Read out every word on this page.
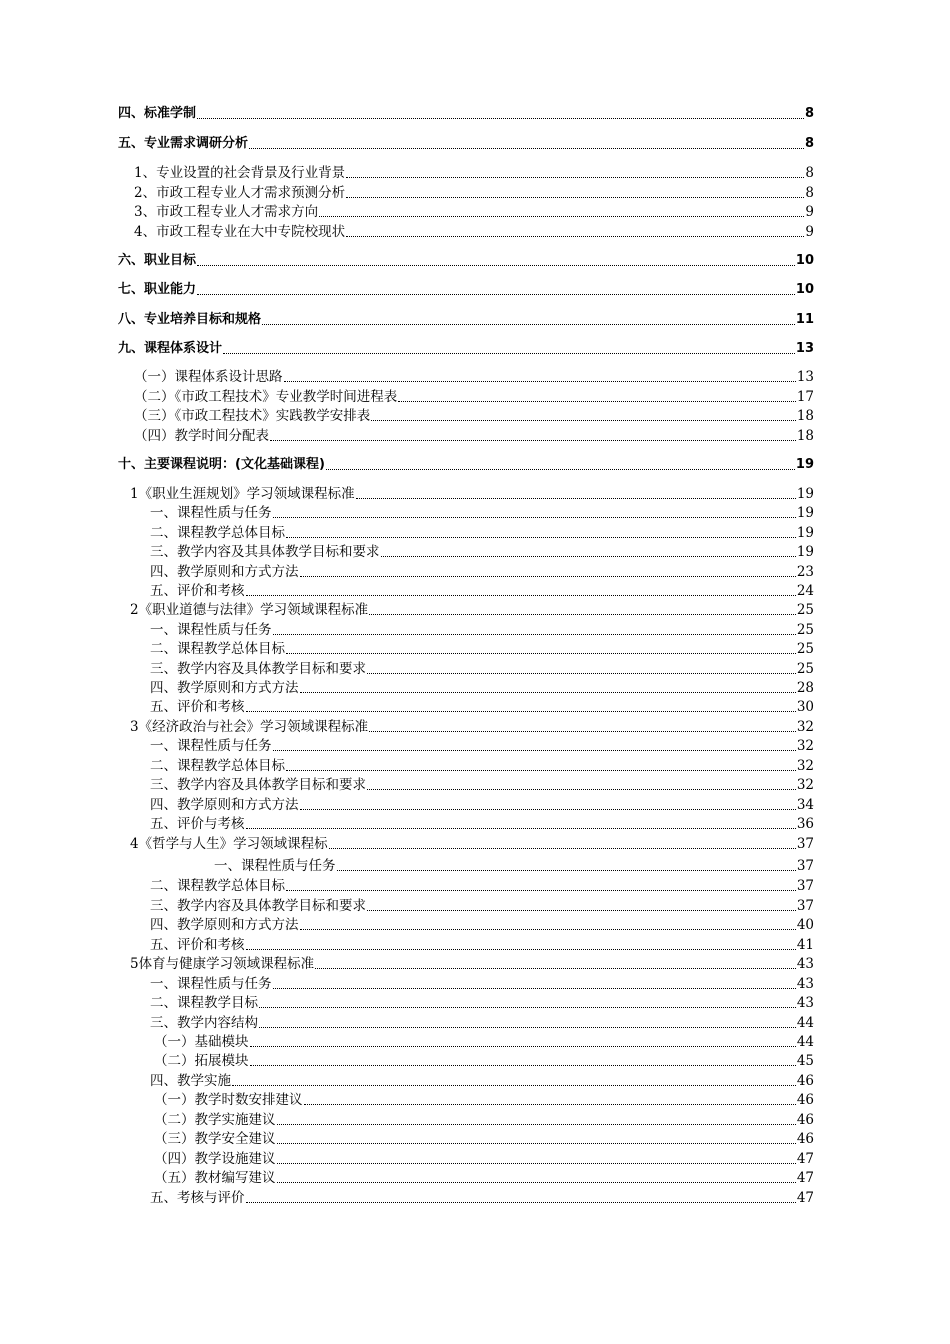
四、标准学制	8
五、专业需求调研分析	8
1、专业设置的社会背景及行业背景	8
2、市政工程专业人才需求预测分析	8
3、市政工程专业人才需求方向	9
4、市政工程专业在大中专院校现状	9
六、职业目标	10
七、职业能力	10
八、专业培养目标和规格	11
九、课程体系设计	13
（一）课程体系设计思路	13
（二）《市政工程技术》专业教学时间进程表	17
（三）《市政工程技术》实践教学安排表	18
（四）教学时间分配表	18
十、主要课程说明：(文化基础课程)	19
1《职业生涯规划》学习领域课程标准	19
一、课程性质与任务	19
二、课程教学总体目标	19
三、教学内容及其具体教学目标和要求	19
四、教学原则和方式方法	23
五、评价和考核	24
2《职业道德与法律》学习领域课程标准	25
一、课程性质与任务	25
二、课程教学总体目标	25
三、教学内容及具体教学目标和要求	25
四、教学原则和方式方法	28
五、评价和考核	30
3《经济政治与社会》学习领域课程标准	32
一、课程性质与任务	32
二、课程教学总体目标	32
三、教学内容及具体教学目标和要求	32
四、教学原则和方式方法	34
五、评价与考核	36
4《哲学与人生》学习领域课程标	37
一、课程性质与任务	37
二、课程教学总体目标	37
三、教学内容及具体教学目标和要求	37
四、教学原则和方式方法	40
五、评价和考核	41
5体育与健康学习领域课程标准	43
一、课程性质与任务	43
二、课程教学目标	43
三、教学内容结构	44
（一）基础模块	44
（二）拓展模块	45
四、教学实施	46
（一）教学时数安排建议	46
（二）教学实施建议	46
（三）教学安全建议	46
（四）教学设施建议	47
（五）教材编写建议	47
五、考核与评价	47
